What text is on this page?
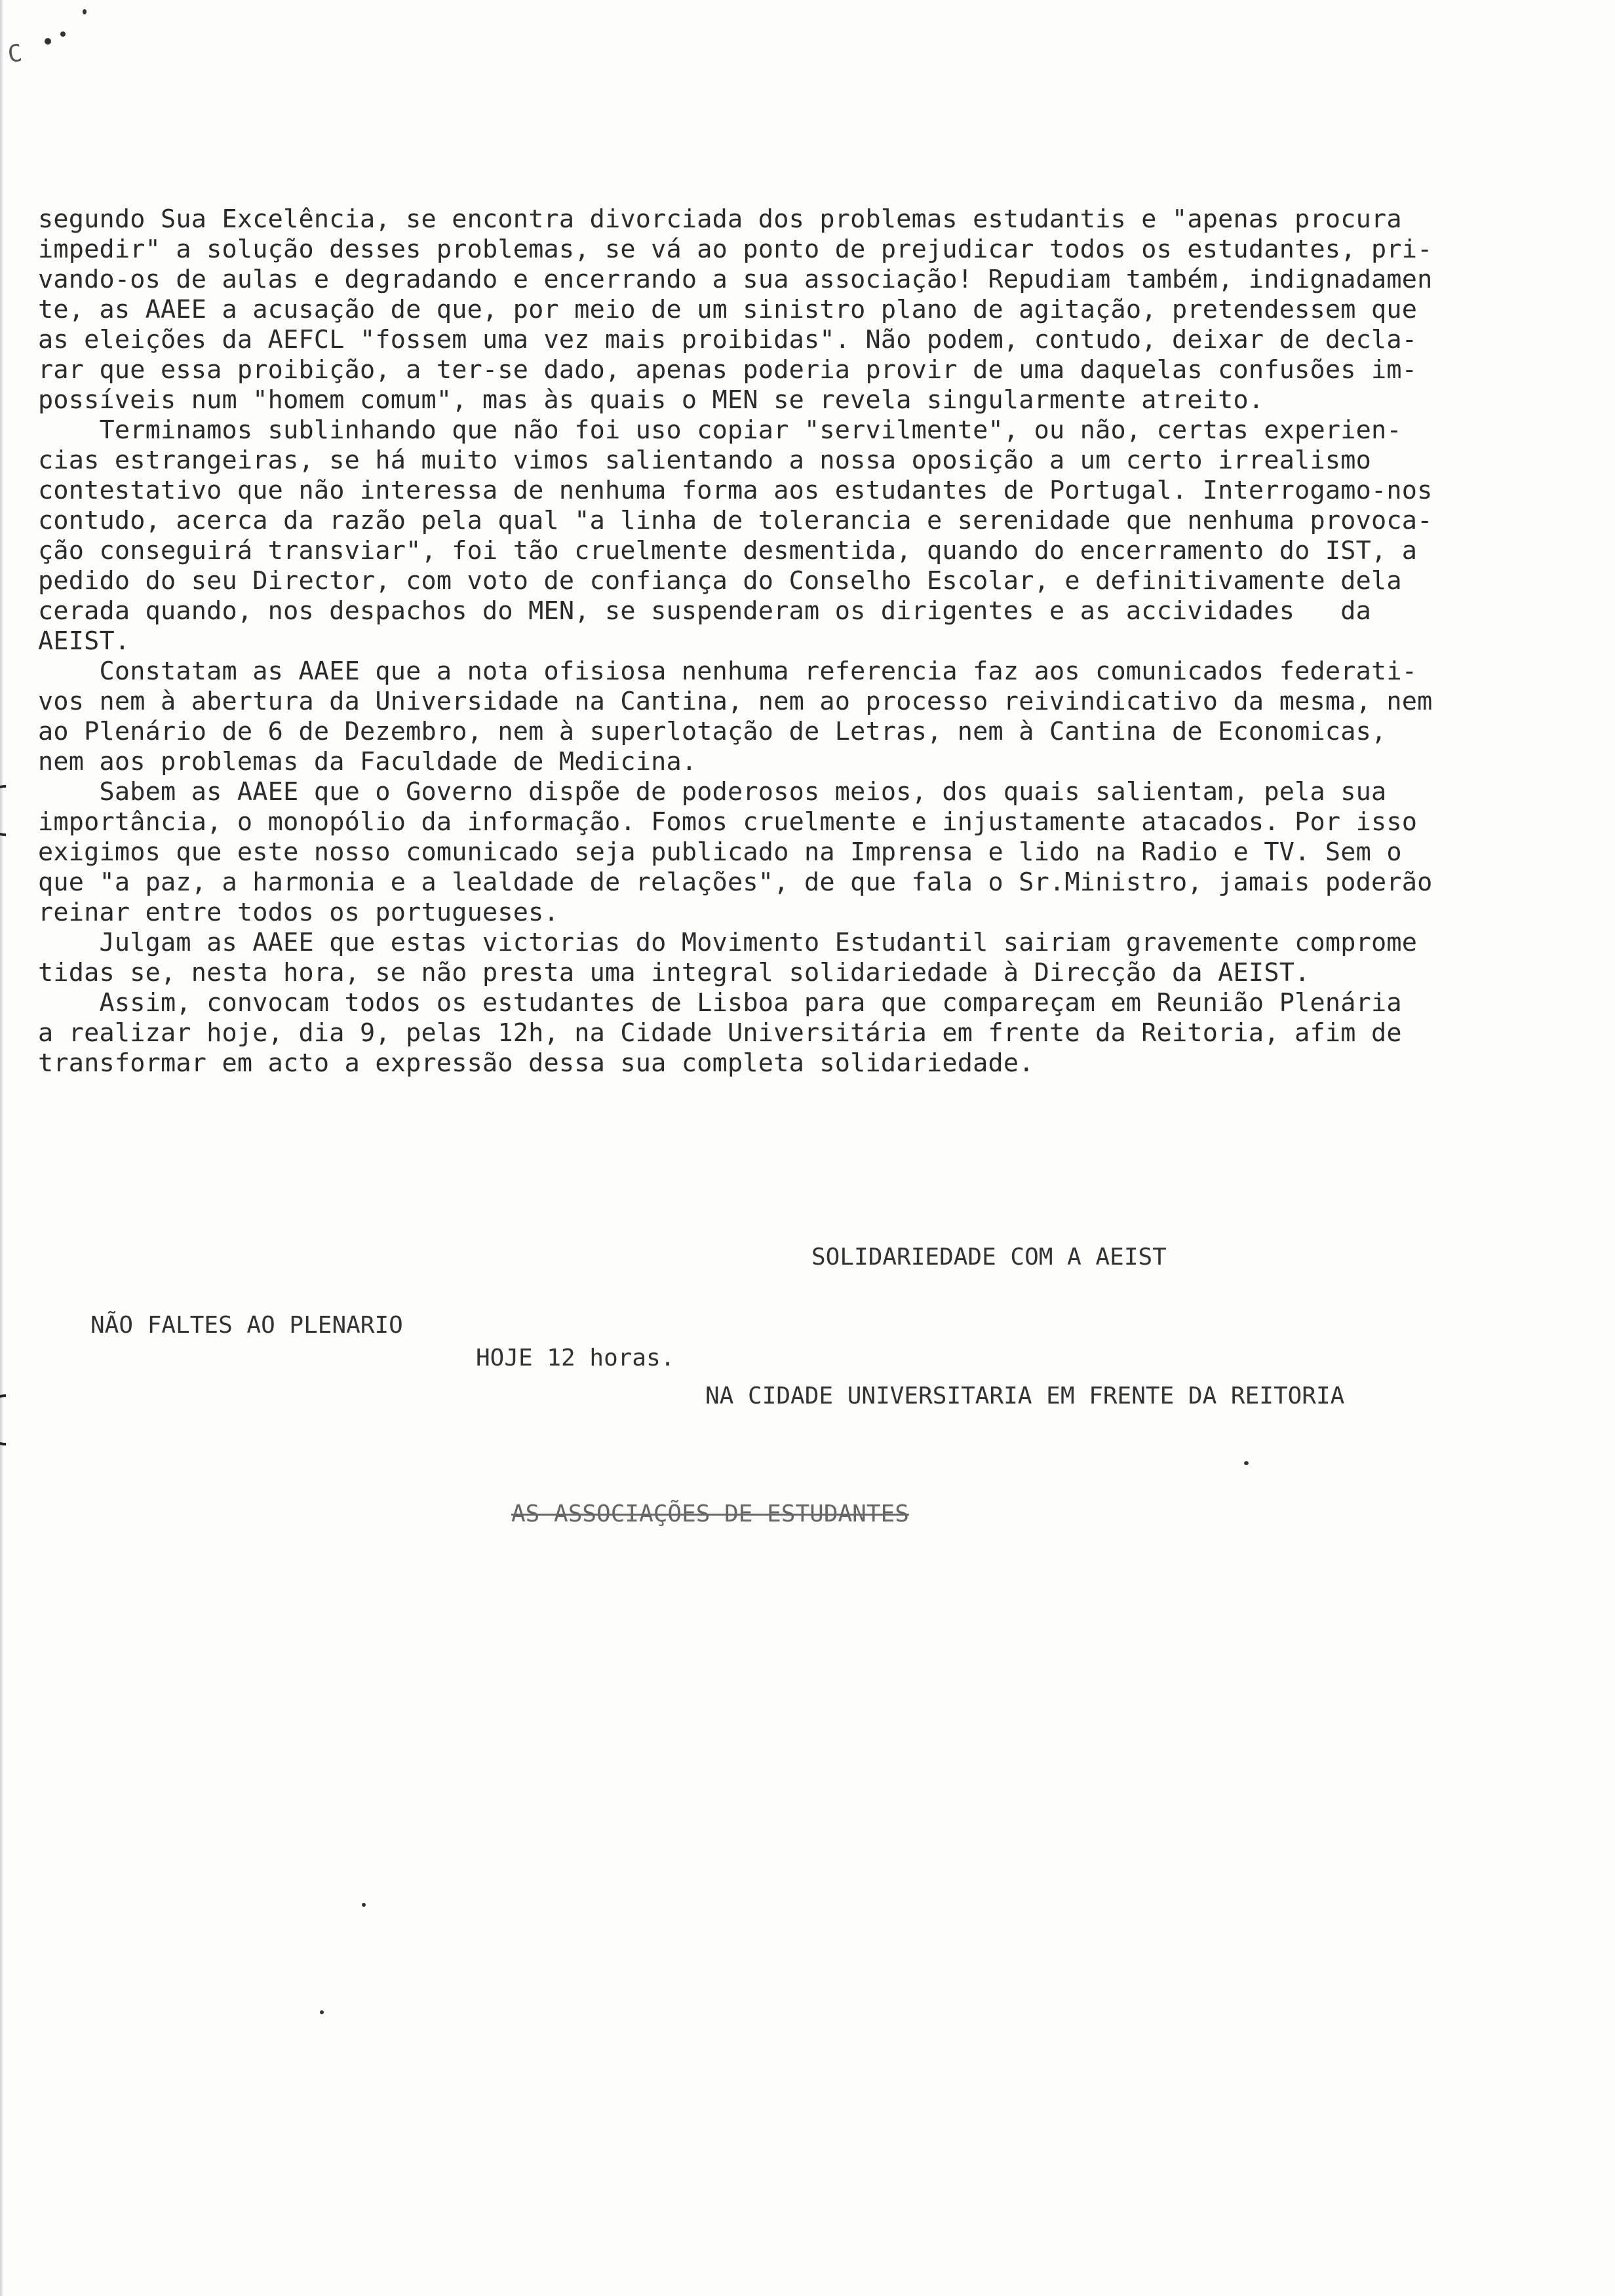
C
segundo Sua Excelência, se encontra divorciada dos problemas estudantis e "apenas procura
impedir" a solução desses problemas, se vá ao ponto de prejudicar todos os estudantes, pri-
vando-os de aulas e degradando e encerrando a sua associação! Repudiam também, indignadamen
te, as AAEE a acusação de que, por meio de um sinistro plano de agitação, pretendessem que
as eleições da AEFCL "fossem uma vez mais proibidas". Não podem, contudo, deixar de decla-
rar que essa proibição, a ter-se dado, apenas poderia provir de uma daquelas confusões im-
possíveis num "homem comum", mas às quais o MEN se revela singularmente atreito.
Terminamos sublinhando que não foi uso copiar "servilmente", ou não, certas experien-
cias estrangeiras, se há muito vimos salientando a nossa oposição a um certo irrealismo
contestativo que não interessa de nenhuma forma aos estudantes de Portugal. Interrogamo-nos
contudo, acerca da razão pela qual "a linha de tolerancia e serenidade que nenhuma provoca-
ção conseguirá transviar", foi tão cruelmente desmentida, quando do encerramento do IST, a
pedido do seu Director, com voto de confiança do Conselho Escolar, e definitivamente dela
cerada quando, nos despachos do MEN, se suspenderam os dirigentes e as accividades   da
AEIST.
Constatam as AAEE que a nota ofisiosa nenhuma referencia faz aos comunicados federati-
vos nem à abertura da Universidade na Cantina, nem ao processo reivindicativo da mesma, nem
ao Plenário de 6 de Dezembro, nem à superlotação de Letras, nem à Cantina de Economicas,
nem aos problemas da Faculdade de Medicina.
Sabem as AAEE que o Governo dispõe de poderosos meios, dos quais salientam, pela sua
importância, o monopólio da informação. Fomos cruelmente e injustamente atacados. Por isso
exigimos que este nosso comunicado seja publicado na Imprensa e lido na Radio e TV. Sem o
que "a paz, a harmonia e a lealdade de relações", de que fala o Sr.Ministro, jamais poderão
reinar entre todos os portugueses.
Julgam as AAEE que estas victorias do Movimento Estudantil sairiam gravemente comprome
tidas se, nesta hora, se não presta uma integral solidariedade à Direcção da AEIST.
Assim, convocam todos os estudantes de Lisboa para que compareçam em Reunião Plenária
a realizar hoje, dia 9, pelas 12h, na Cidade Universitária em frente da Reitoria, afim de
transformar em acto a expressão dessa sua completa solidariedade.
SOLIDARIEDADE COM A AEIST
NÃO FALTES AO PLENARIO
HOJE 12 horas.
NA CIDADE UNIVERSITARIA EM FRENTE DA REITORIA
AS ASSOCIAÇÕES DE ESTUDANTES
